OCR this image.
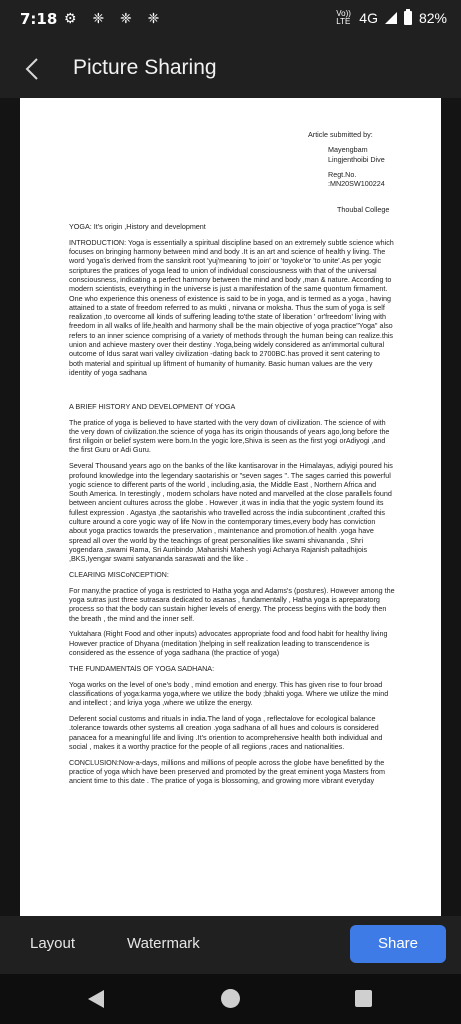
7:18 ⚙ ❈ ❈ ❈	Vo)) LTE 4G	82%
Picture Sharing
Article submitted by:
Mayengbam
Lingjenthoibi Dive
Regt.No.
:MN20SW100224
Thoubal College

YOGA: It's origin ,History and development

INTRODUCTION: Yoga is essentially a spiritual discipline based on an extremely subtle science which focuses on bringing harmony between mind and body .It is an art and science of health y living. The word 'yoga'is derived from the sanskrit root 'yuj'meaning 'to join' or 'toyoke'or 'to unite'.As per yogic scriptures the pratices of yoga lead to union of individual consciousness with that of the universal consciousness, indicating a perfect harmony between the mind and body ,man & nature. According to modern scientists, everything in the universe is just a manifestation of the same quontum firmament. One who experience this oneness of existence is said to be in yoga, and is termed as a yoga , having attained to a state of freedom referred to as mukti , nirvana or moksha. Thus the sum of yoga is self realization ,to overcome all kinds of suffering leading to'the state of liberation ' or'freedom' living with freedom in all walks of life,health and harmony shall be the main objective of yoga practice"Yoga" also refers to an inner science comprising of a variety of methods through the human being can realize.this union and achieve mastery over their destiny .Yoga,being widely considered as an'immortal cultural outcome of Idus sarat wari valley civilization -dating back to 2700BC.has proved it sent catering to both material and spiritual up liftment of humanity of humanity. Basic human values are the very identity of yoga sadhana

A BRIEF HISTORY AND DEVELOPMENT Of YOGA

The pratice of yoga is believed to have started with the very down of civilization. The science of with the very down of civilization.the science of yoga has its origin thousands of years ago,long before the first riligoin or belief system were born.In the yogic lore,Shiva is seen as the first yogi orAdiyogi ,and the first Guru or Adi Guru.

Several Thousand years ago on the banks of the like kantisarovar in the Himalayas, adiyigi poured his profound knowledge into the legendary saotarishis or "seven sages ". The sages carried this powerful yogic science to different parts of the world , including,asia, the Middle East , Northern Africa and South America. In terestingly , modern scholars have noted and marvelled at the close parallels found between ancient cultures across the globe . However ,it was in india that the yogic system found its fullest expression . Agastya ,the saotarishis who travelled across the india subcontinent ,crafted this culture around a core yogic way of life Now in the contemporary times,every body has conviction about yoga practics towards the preservation , maintenance and promotion.of health .yoga have spread all over the world by the teachings of great personalities like swami shivananda , Shri yogendara ,swami Rama, Sri Auribindo ,Maharishi Mahesh yogi Acharya Rajanish paltadhijois ,BKS,Iyengar swami satyananda saraswati and the like .

CLEARING MISCoNCEPTION:

For many,the practice of yoga is restricted to Hatha yoga and Adams's (postures). However among the yoga sutras just three sutrasara dedicated to asanas , fundamentally , Hatha yoga is apreparatorg process so that the body can sustain higher levels of energy. The process begins with the body then the breath , the mind and the inner self.

Yuktahara (Right Food and other inputs) advocates appropriate food and food habit for healthy living However practice of Dhyana (meditation )helping in self realization leading to transcendence is considered as the essence of yoga sadhana (the practice of yoga)

THE FUNDAMENTAlS OF YOGA SADHANA:

Yoga works on the level of one's body , mind emotion and energy. This has given rise to four broad classifications of yoga:karma yoga,where we utilize the body ;bhakti yoga. Where we utilize the mind and intellect ; and kriya yoga ,where we utilize the energy.

Deferent social customs and rituals in india.The land of yoga , reflectalove for ecological balance .tolerance towards other systems all creation .yoga sadhana of all hues and colours is considered panacea for a meaningful life and living .It's oriention to acomprehensive health both individual and social , makes it a worthy practice for the people of all regiions ,races and nationalities.

CONCLUSION:Now-a-days, millions and millions of people across the globe have benefitted by the practice of yoga which have been preserved and promoted by the great eminent yoga Masters from ancient time to this date . The pratice of yoga is blossoming, and growing more vibrant everyday

Layout	Watermark	Share
